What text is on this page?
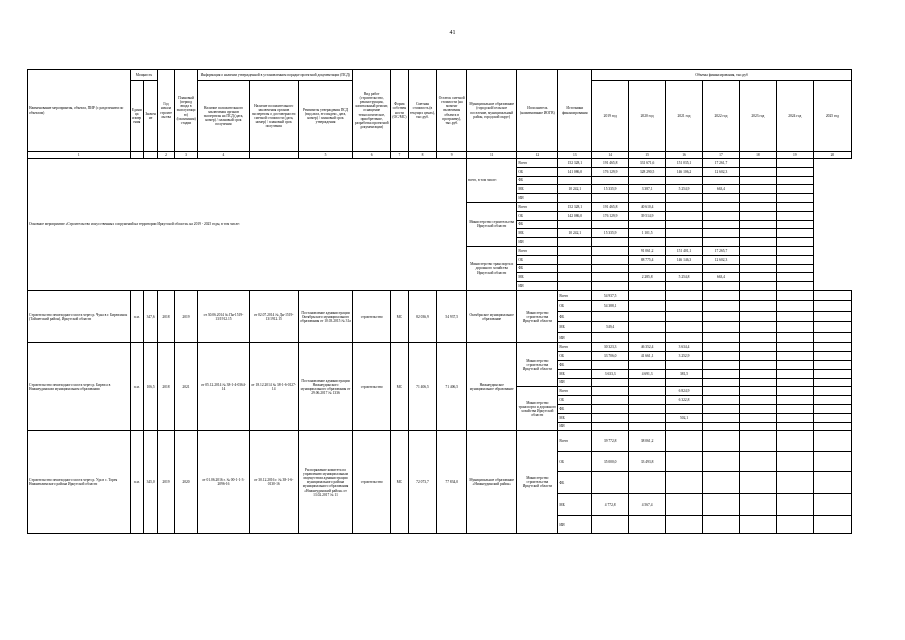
41
Наименование мероприятия, объекта, ПИР (с разделением по объектам)	Мощность		Год начала строительства	Плановый (период ввода в эксплуатацию) /(окончания) стадии	Информация о наличии утвержденной в установленном порядке проектной документации (ПСД)			Вид работ (строительство, реконструкция, капитальный ремонт, оснащение технологическое, приобретение, разработка проектной документации)	Форма собственности (ОС/МС)	Сметная стоимость (в текущих ценах), тыс.руб.	Остаток сметной стоимости (на момент включения объекта в программу), тыс.руб.	Муниципальное образование (городской/сельское поселение, муниципальный район, городской округ)	Исполнитель (наименование ИОГВ)	Источники финансирования	Объемы финансирования, тыс.руб						
	Единица измерения	Значение																			
					Наличие положительного заключения органов экспертизы на ПСД (дата, номер) / плановый срок получения	Наличие положительного заключения органов экспертизы о достоверности сметной стоимости (дата, номер) / плановый срок получения	Реквизиты утверждения ПСД (вид акта, его индекс, дата, номер) / плановый срок утверждения								2019 год	2020 год	2021 год	2022 год	2023 год	2024 год	2025 год
1			2	3	4		5	6	7	8	9	11	12	13	14	15	16	17	18	19	20
Основное мероприятие «Строительство искусственных сооружений на территории Иркутской области» на 2019 - 2025 годы, в том числе:												всего, в том числе:	Всего	152 328,1	191 465,8	331 671,6	151 035,1	17 261,7			
													ОБ	141 086,0	176 129,9	328 290,5	146 106,2	12 602,3			
													ФБ								
													МБ	10 242,1	15 335,9	3 387,1	5 254,9	663,4			
													ИИ								
												Министерство строительства Иркутской области	Всего	152 328,1	191 465,8	40 610,4					
													ОБ	142 086,0	176 129,9	39 514,9					
													ФБ								
													МБ	10 242,1	15 335,9	1 101,5					
													ИИ								
												Министерство транспорта и дорожного хозяйства Иркутской области	Всего			91 061,2	151 401,1	17 265,7			
													ОБ			88 775,4	146 146,3	12 602,3			
													ФБ								
													МБ			2 285,8	5 254,8	663,4			
													ИИ								
Строительство пешеходного моста через р. Чуна в г. Бирюсинск (Тайшетский район), Иркутской области	п.м.	347,6	2018	2019	от 30.06.2014 № Пн-1519-13/1912.15	от 02.07.2014 № Дн-1519-13/1912.15	Постановление администрации Октябрьского муниципального образования от 10.03.2015 № 31а	строительство	МС	82 036,9	54 937,5	Октябрьское муниципальное образование	Министерство строительства Иркутской области	Всего	54 937,5						
														ОБ	54 388,1						
														ФБ							
														МБ	549,4						
														ИИ							
Строительство пешеходного моста через р. Бирюса в Нижнеудинском муниципальном образовании	п.м.	106,5	2018	2021	от 05.12.2014 № 38-1-4-0364-14	от 18.12.2014 № 38-1-6-0127-14	Постановление администрации Нижнеудинского муниципального образования от 29.06.2017 № 1336	строительство	МС	71 406,5	71 406,5	Нижнеудинское муниципальное образование	Министерство строительства Иркутской области	Всего	30 323,3	46 352,4	3 634,4				
														ОБ	33 706,0	41 661,1	3 252,9				
														ФБ							
														МБ	3 633,3	4 691,3	381,5				
														ИИ							
													Министерство транспорта и дорожного хозяйства Иркутской области	Всего			6 824,9				
														ОБ			6 322,8				
														ФБ							
														МБ			502,1				
														ИИ							
Строительство пешеходного моста через р. Уда в с. Торея Нижнеилимского района Иркутской области	п.м.	345,0	2019	2020	от 01.06.2016 г. № 00-1-1-3-2096-16	от 30.12.2016 г. № 38-1-6-0130-16	Распоряжение комитета по управлению муниципальным имуществом администрации муниципального района муниципального образования «Нижнеудинский район» от 13.02.2017 № 11	строительство	МС	72 073,7	77 834,0	Муниципальное образование «Нижнеудинский район»	Министерство строительства Иркутской области	Всего	39 772,8	38 061,2					
														ОБ	35 000,0	33 493,8					
														ФБ							
														МБ	4 772,8	4 567,4					
														ИИ							
